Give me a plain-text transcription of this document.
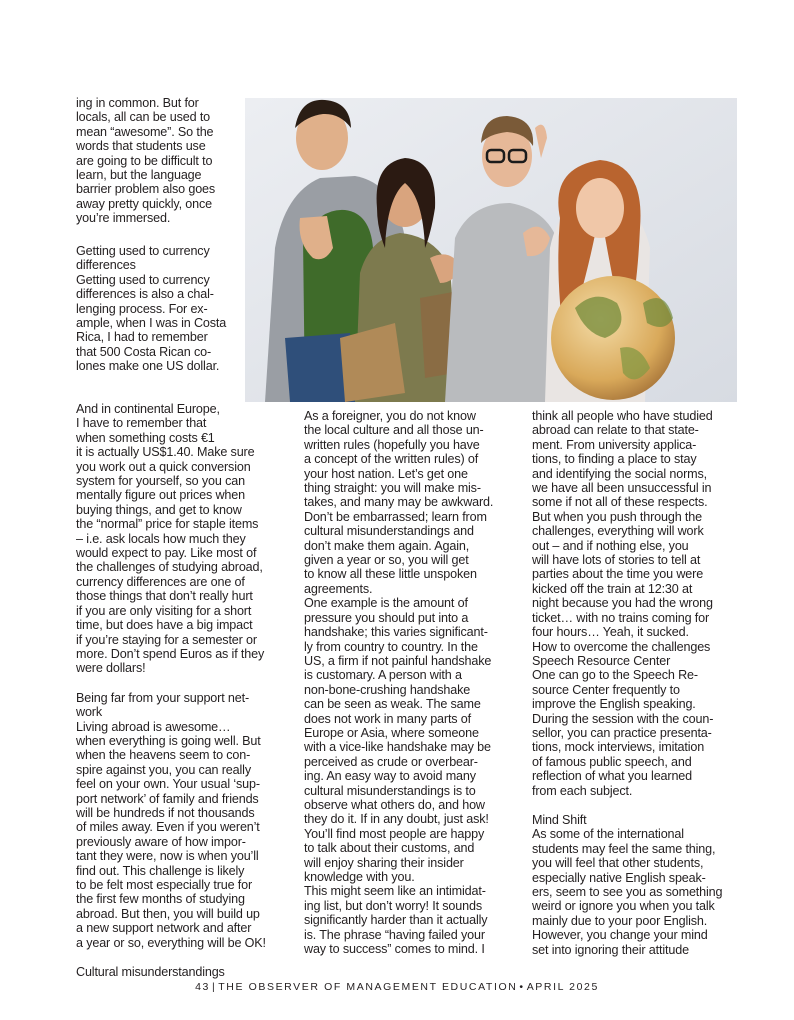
ing in common. But for
locals, all can be used to
mean “awesome”. So the
words that students use
are going to be difficult to
learn, but the language
barrier problem also goes
away pretty quickly, once
you’re immersed.

Getting used to currency
differences

Getting used to currency
differences is also a chal-
lenging process. For ex-
ample, when I was in Costa
Rica, I had to remember
that 500 Costa Rican co-
lones make one US dollar.

And in continental Europe,
I have to remember that
when something costs €1
it is actually US$1.40. Make sure
you work out a quick conversion
system for yourself, so you can
mentally figure out prices when
buying things, and get to know
the “normal” price for staple items
– i.e. ask locals how much they
would expect to pay. Like most of
the challenges of studying abroad,
currency differences are one of
those things that don’t really hurt
if you are only visiting for a short
time, but does have a big impact
if you’re staying for a semester or
more. Don’t spend Euros as if they
were dollars!

Being far from your support net-
work

Living abroad is awesome…
when everything is going well. But
when the heavens seem to con-
spire against you, you can really
feel on your own. Your usual ‘sup-
port network’ of family and friends
will be hundreds if not thousands
of miles away. Even if you weren’t
previously aware of how impor-
tant they were, now is when you’ll
find out. This challenge is likely
to be felt most especially true for
the first few months of studying
abroad. But then, you will build up
a new support network and after
a year or so, everything will be OK!

Cultural misunderstandings

As a foreigner, you do not know
the local culture and all those un-
written rules (hopefully you have
a concept of the written rules) of
your host nation. Let’s get one
thing straight: you will make mis-
takes, and many may be awkward.
Don’t be embarrassed; learn from
cultural misunderstandings and
don’t make them again. Again,
given a year or so, you will get
to know all these little unspoken
agreements.

One example is the amount of
pressure you should put into a
handshake; this varies significant-
ly from country to country. In the
US, a firm if not painful handshake
is customary. A person with a
non-bone-crushing handshake
can be seen as weak. The same
does not work in many parts of
Europe or Asia, where someone
with a vice-like handshake may be
perceived as crude or overbear-
ing. An easy way to avoid many
cultural misunderstandings is to
observe what others do, and how
they do it. If in any doubt, just ask!
You’ll find most people are happy
to talk about their customs, and
will enjoy sharing their insider
knowledge with you.

This might seem like an intimidat-
ing list, but don’t worry! It sounds
significantly harder than it actually
is. The phrase “having failed your
way to success” comes to mind. I

think all people who have studied
abroad can relate to that state-
ment. From university applica-
tions, to finding a place to stay
and identifying the social norms,
we have all been unsuccessful in
some if not all of these respects.
But when you push through the
challenges, everything will work
out – and if nothing else, you
will have lots of stories to tell at
parties about the time you were
kicked off the train at 12:30 at
night because you had the wrong
ticket… with no trains coming for
four hours… Yeah, it sucked.

How to overcome the challenges

Speech Resource Center

One can go to the Speech Re-
source Center frequently to
improve the English speaking.
During the session with the coun-
sellor, you can practice presenta-
tions, mock interviews, imitation
of famous public speech, and
reflection of what you learned
from each subject.

Mind Shift

As some of the international
students may feel the same thing,
you will feel that other students,
especially native English speak-
ers, seem to see you as something
weird or ignore you when you talk
mainly due to your poor English.
However, you change your mind
set into ignoring their attitude

43 | THE OBSERVER OF MANAGEMENT EDUCATION • APRIL 2025
